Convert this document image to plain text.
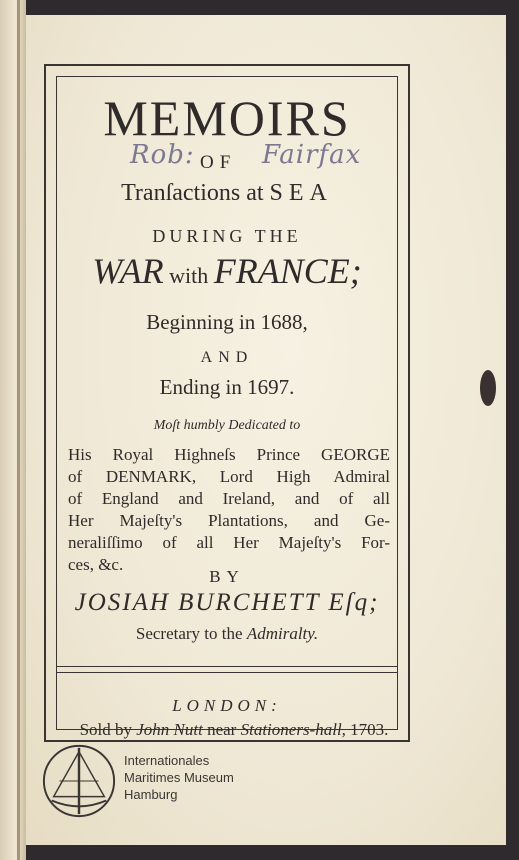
MEMOIRS
Rob: OF Fairfax
Tranſactions at SEA
DURING THE
WAR with FRANCE;
Beginning in 1688,
AND
Ending in 1697.
Moſt humbly Dedicated to
His Royal Highneſs Prince GEORGE
of DENMARK, Lord High Admiral
of England and Ireland, and of all
Her Majeſty's Plantations, and Ge-
neraliſſimo of all Her Majeſty's For-
ces, &c.
BY
JOSIAH BURCHETT Eſq;
Secretary to the Admiralty.
LONDON:
Sold by John Nutt near Stationers-hall, 1703.
Internationales
Maritimes Museum
Hamburg
